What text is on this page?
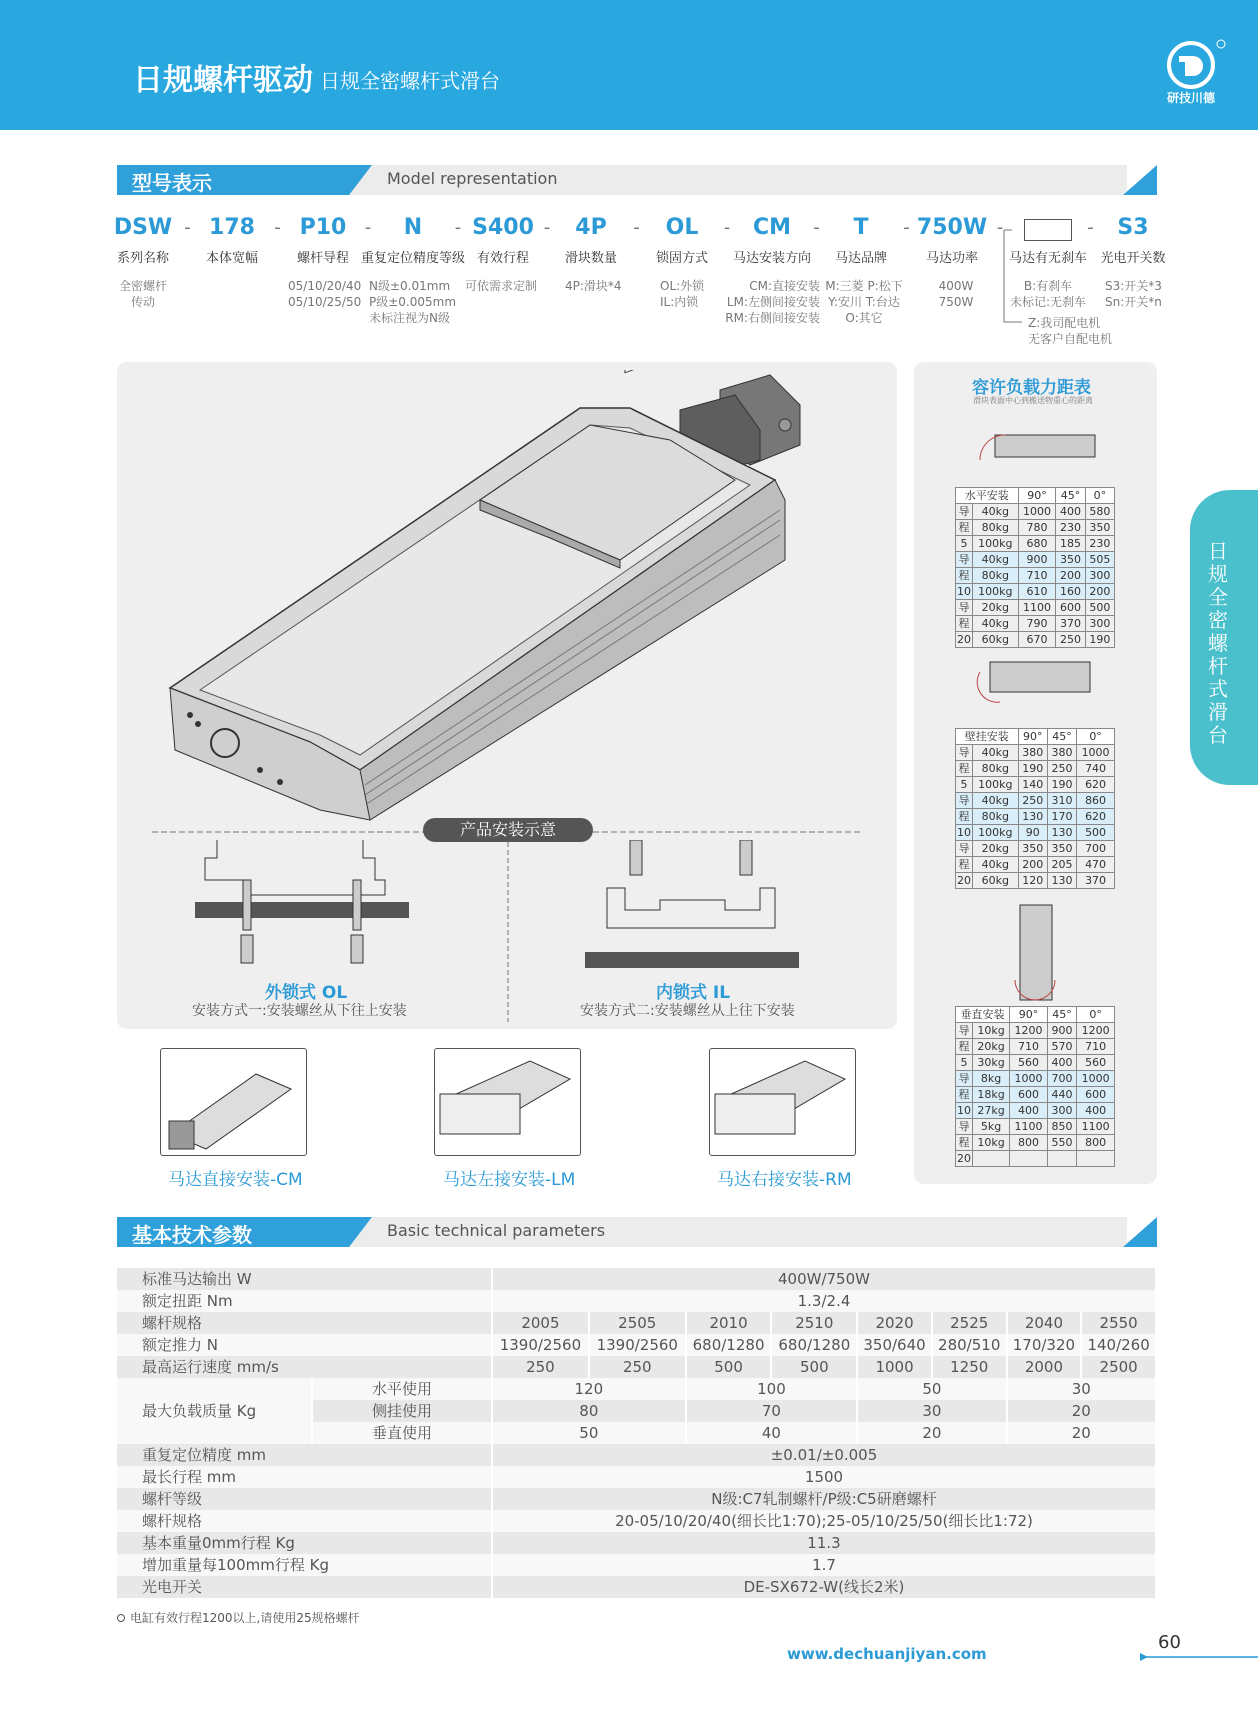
日规螺杆驱动 日规全密螺杆式滑台
研技川德
型号表示	Model representation
DSW
系列名称
- 178
本体宽幅
- P10
螺杆导程
- N
重复定位精度等级
- S400
有效行程
- 4P
滑块数量
- OL
锁固方式
- CM
马达安装方向
- T
马达品牌
- 750W
马达功率
-
马达有无刹车
- S3
光电开关数
全密螺杆
传动
05/10/20/40
05/10/25/50
N级±0.01mm
P级±0.005mm
未标注视为N级
可依需求定制 4P:滑块*4	OL:外锁
IL:内锁
CM:直接安装
LM:左侧间接安装
RM:右侧间接安装
M:三菱 P:松下
Y:安川 T:台达
O:其它
400W
750W
B:有刹车
未标记:无刹车
S3:开关*3
Sn:开关*n
Z:我司配电机
无客户自配电机
产品安装示意
外锁式 OL
安装方式一:安装螺丝从下往上安装
内锁式 IL
安装方式二:安装螺丝从上往下安装
马达直接安装-CM	马达左接安装-LM	马达右接安装-RM
容许负载力距表
滑块表面中心到搬送物重心的距离
水平安装		90°	45°	0°
导	40kg	1000	400	580
程	80kg	780	230	350
5	100kg	680	185	230
导	40kg	900	350	505
程	80kg	710	200	300
10	100kg	610	160	200
导	20kg	1100	600	500
程	40kg	790	370	300
20	60kg	670	250	190
壁挂安装		90°	45°	0°
导	40kg	380	380	1000
程	80kg	190	250	740
5	100kg	140	190	620
导	40kg	250	310	860
程	80kg	130	170	620
10	100kg	90	130	500
导	20kg	350	350	700
程	40kg	200	205	470
20	60kg	120	130	370
垂直安装		90°	45°	0°
导	10kg	1200	900	1200
程	20kg	710	570	710
5	30kg	560	400	560
导	8kg	1000	700	1000
程	18kg	600	440	600
10	27kg	400	300	400
导	5kg	1100	850	1100
程	10kg	800	550	800
20				
日
规
全
密
螺
杆
式
滑
台
基本技术参数	Basic technical parameters
标准马达输出 W		400W/750W							
额定扭距 Nm		1.3/2.4							
螺杆规格		2005	2505	2010	2510	2020	2525	2040	2550
额定推力 N		1390/2560	1390/2560	680/1280	680/1280	350/640	280/510	170/320	140/260
最高运行速度 mm/s		250	250	500	500	1000	1250	2000	2500
最大负载质量 Kg	水平使用	120		100		50		30	
	侧挂使用	80		70		30		20	
	垂直使用	50		40		20		20	
重复定位精度 mm		±0.01/±0.005							
最长行程 mm		1500							
螺杆等级		N级:C7轧制螺杆/P级:C5研磨螺杆							
螺杆规格		20-05/10/20/40(细长比1:70);25-05/10/25/50(细长比1:72)							
基本重量0mm行程 Kg		11.3							
增加重量每100mm行程 Kg		1.7							
光电开关		DE-SX672-W(线长2米)							
电缸有效行程1200以上,请使用25规格螺杆
www.dechuanjiyan.com
60
